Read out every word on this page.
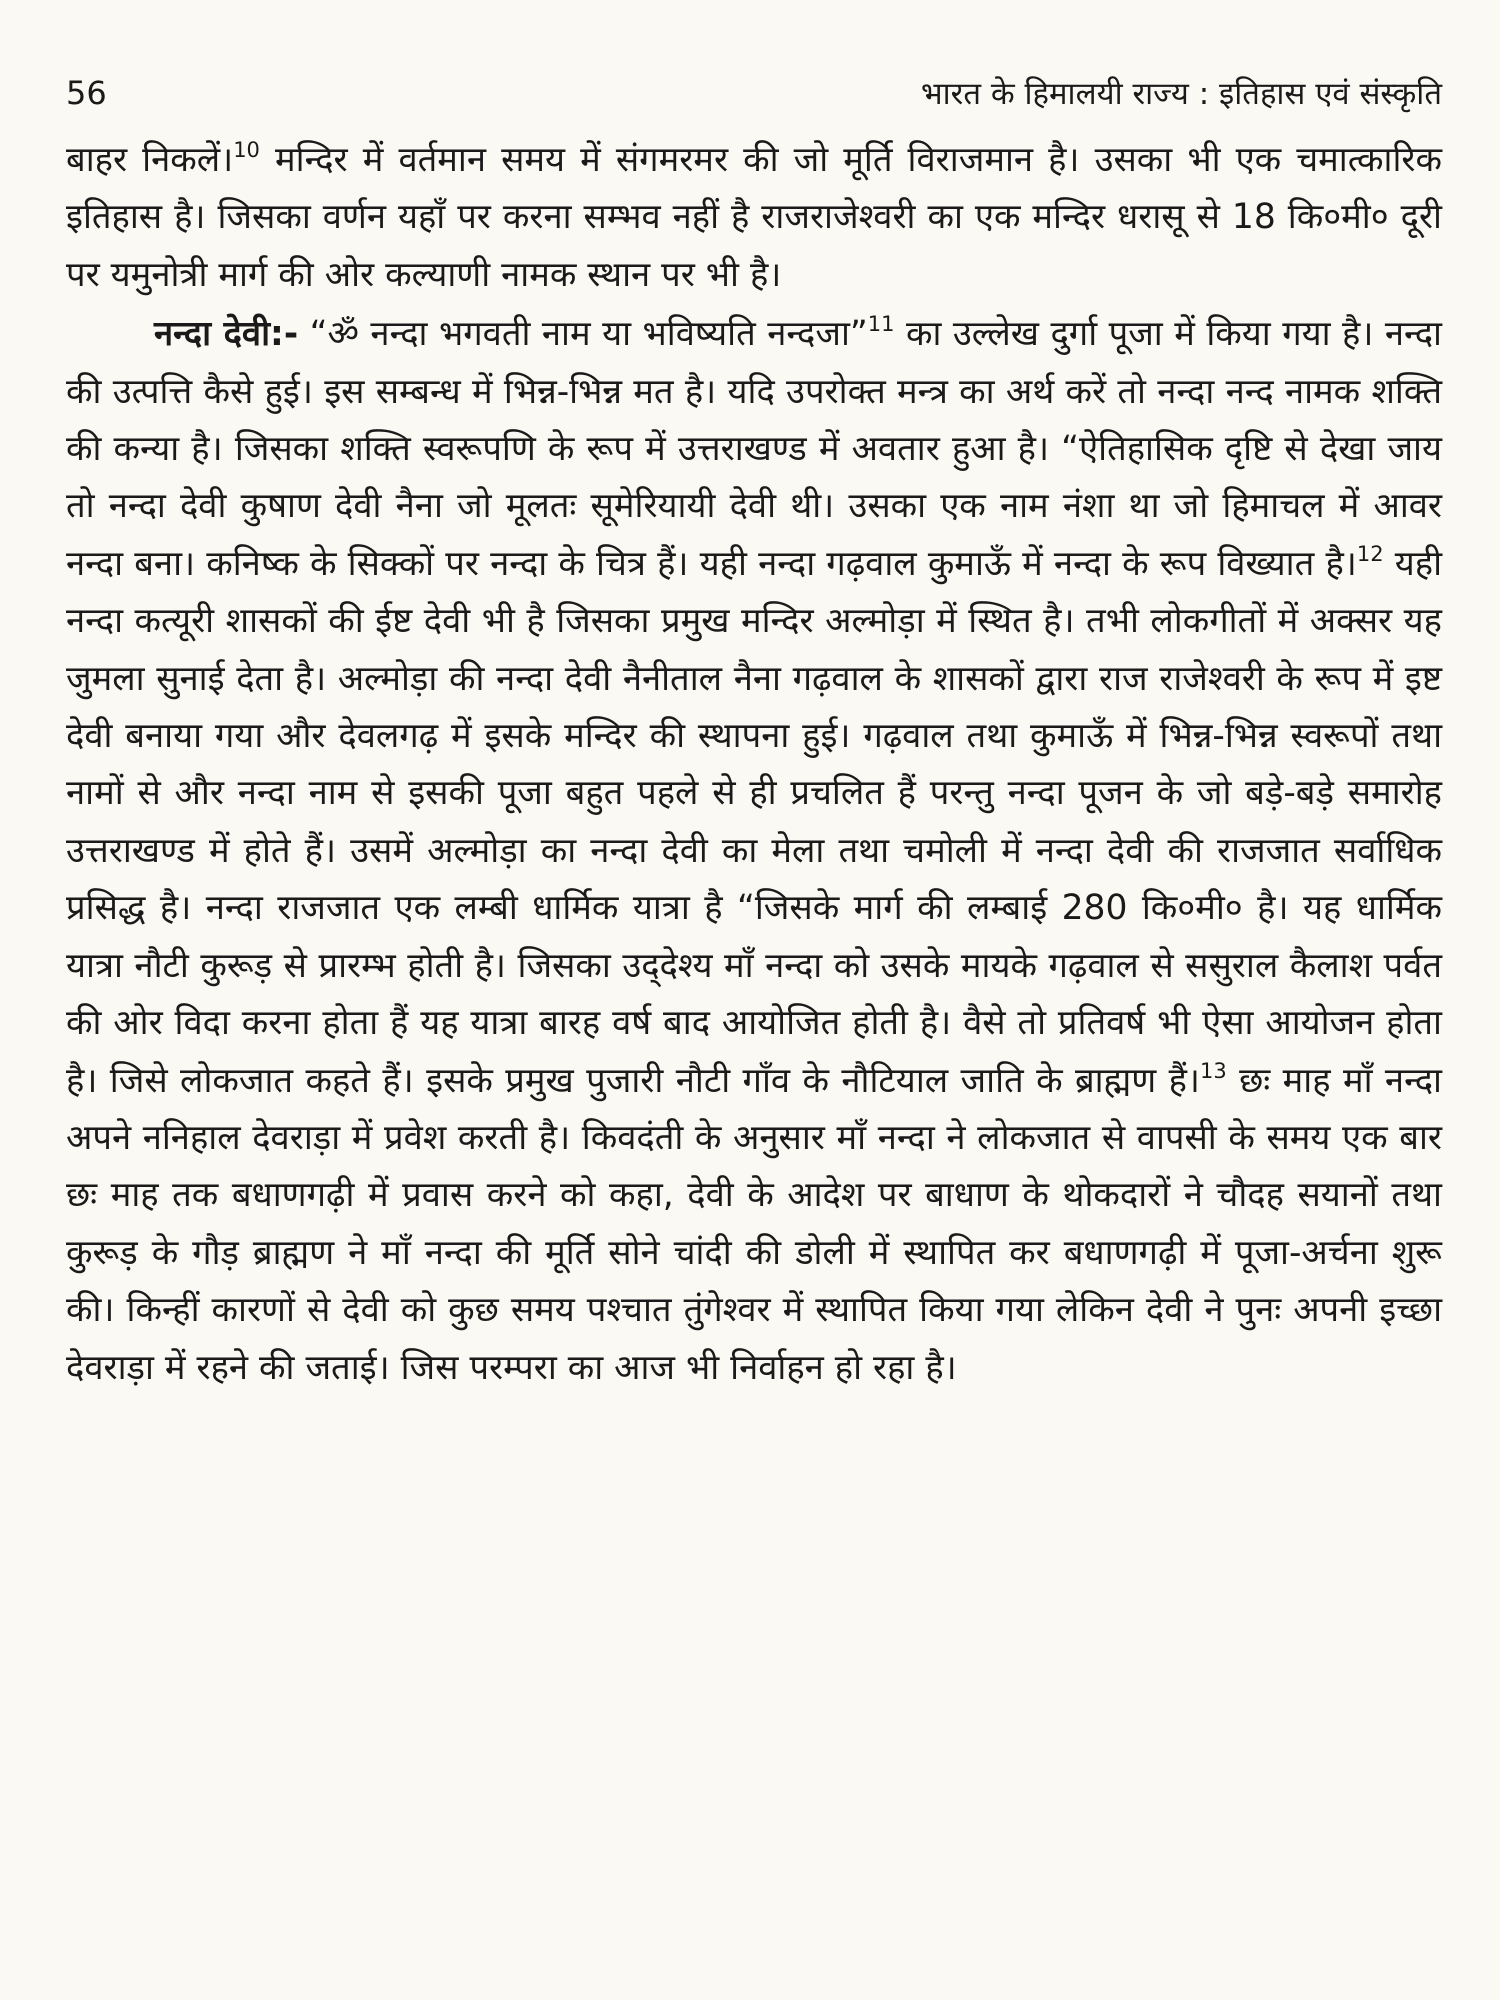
56	भारत के हिमालयी राज्य : इतिहास एवं संस्कृति

बाहर निकलें।$^{10}$ मन्दिर में वर्तमान समय में संगमरमर की जो मूर्ति विराजमान है। उसका भी एक चमात्कारिक इतिहास है। जिसका वर्णन यहाँ पर करना सम्भव नहीं है राजराजेश्वरी का एक मन्दिर धरासू से 18 कि०मी० दूरी पर यमुनोत्री मार्ग की ओर कल्याणी नामक स्थान पर भी है।

नन्दा देवी:- “ॐ नन्दा भगवती नाम या भविष्यति नन्दजा”$^{11}$ का उल्लेख दुर्गा पूजा में किया गया है। नन्दा की उत्पत्ति कैसे हुई। इस सम्बन्ध में भिन्न-भिन्न मत है। यदि उपरोक्त मन्त्र का अर्थ करें तो नन्दा नन्द नामक शक्ति की कन्या है। जिसका शक्ति स्वरूपणि के रूप में उत्तराखण्ड में अवतार हुआ है। “ऐतिहासिक दृष्टि से देखा जाय तो नन्दा देवी कुषाण देवी नैना जो मूलतः सूमेरियायी देवी थी। उसका एक नाम नंशा था जो हिमाचल में आवर नन्दा बना। कनिष्क के सिक्कों पर नन्दा के चित्र हैं। यही नन्दा गढ़वाल कुमाऊँ में नन्दा के रूप विख्यात है।$^{12}$ यही नन्दा कत्यूरी शासकों की ईष्ट देवी भी है जिसका प्रमुख मन्दिर अल्मोड़ा में स्थित है। तभी लोकगीतों में अक्सर यह जुमला सुनाई देता है। अल्मोड़ा की नन्दा देवी नैनीताल नैना गढ़वाल के शासकों द्वारा राज राजेश्वरी के रूप में इष्ट देवी बनाया गया और देवलगढ़ में इसके मन्दिर की स्थापना हुई। गढ़वाल तथा कुमाऊँ में भिन्न-भिन्न स्वरूपों तथा नामों से और नन्दा नाम से इसकी पूजा बहुत पहले से ही प्रचलित हैं परन्तु नन्दा पूजन के जो बड़े-बड़े समारोह उत्तराखण्ड में होते हैं। उसमें अल्मोड़ा का नन्दा देवी का मेला तथा चमोली में नन्दा देवी की राजजात सर्वाधिक प्रसिद्ध है। नन्दा राजजात एक लम्बी धार्मिक यात्रा है “जिसके मार्ग की लम्बाई 280 कि०मी० है। यह धार्मिक यात्रा नौटी कुरूड़ से प्रारम्भ होती है। जिसका उद्‌देश्य माँ नन्दा को उसके मायके गढ़वाल से ससुराल कैलाश पर्वत की ओर विदा करना होता हैं यह यात्रा बारह वर्ष बाद आयोजित होती है। वैसे तो प्रतिवर्ष भी ऐसा आयोजन होता है। जिसे लोकजात कहते हैं। इसके प्रमुख पुजारी नौटी गाँव के नौटियाल जाति के ब्राह्मण हैं।$^{13}$ छः माह माँ नन्दा अपने ननिहाल देवराड़ा में प्रवेश करती है। किवदंती के अनुसार माँ नन्दा ने लोकजात से वापसी के समय एक बार छः माह तक बधाणगढ़ी में प्रवास करने को कहा, देवी के आदेश पर बाधाण के थोकदारों ने चौदह सयानों तथा कुरूड़ के गौड़ ब्राह्मण ने माँ नन्दा की मूर्ति सोने चांदी की डोली में स्थापित कर बधाणगढ़ी में पूजा-अर्चना शुरू की। किन्हीं कारणों से देवी को कुछ समय पश्चात तुंगेश्वर में स्थापित किया गया लेकिन देवी ने पुनः अपनी इच्छा देवराड़ा में रहने की जताई। जिस परम्परा का आज भी निर्वाहन हो रहा है।
